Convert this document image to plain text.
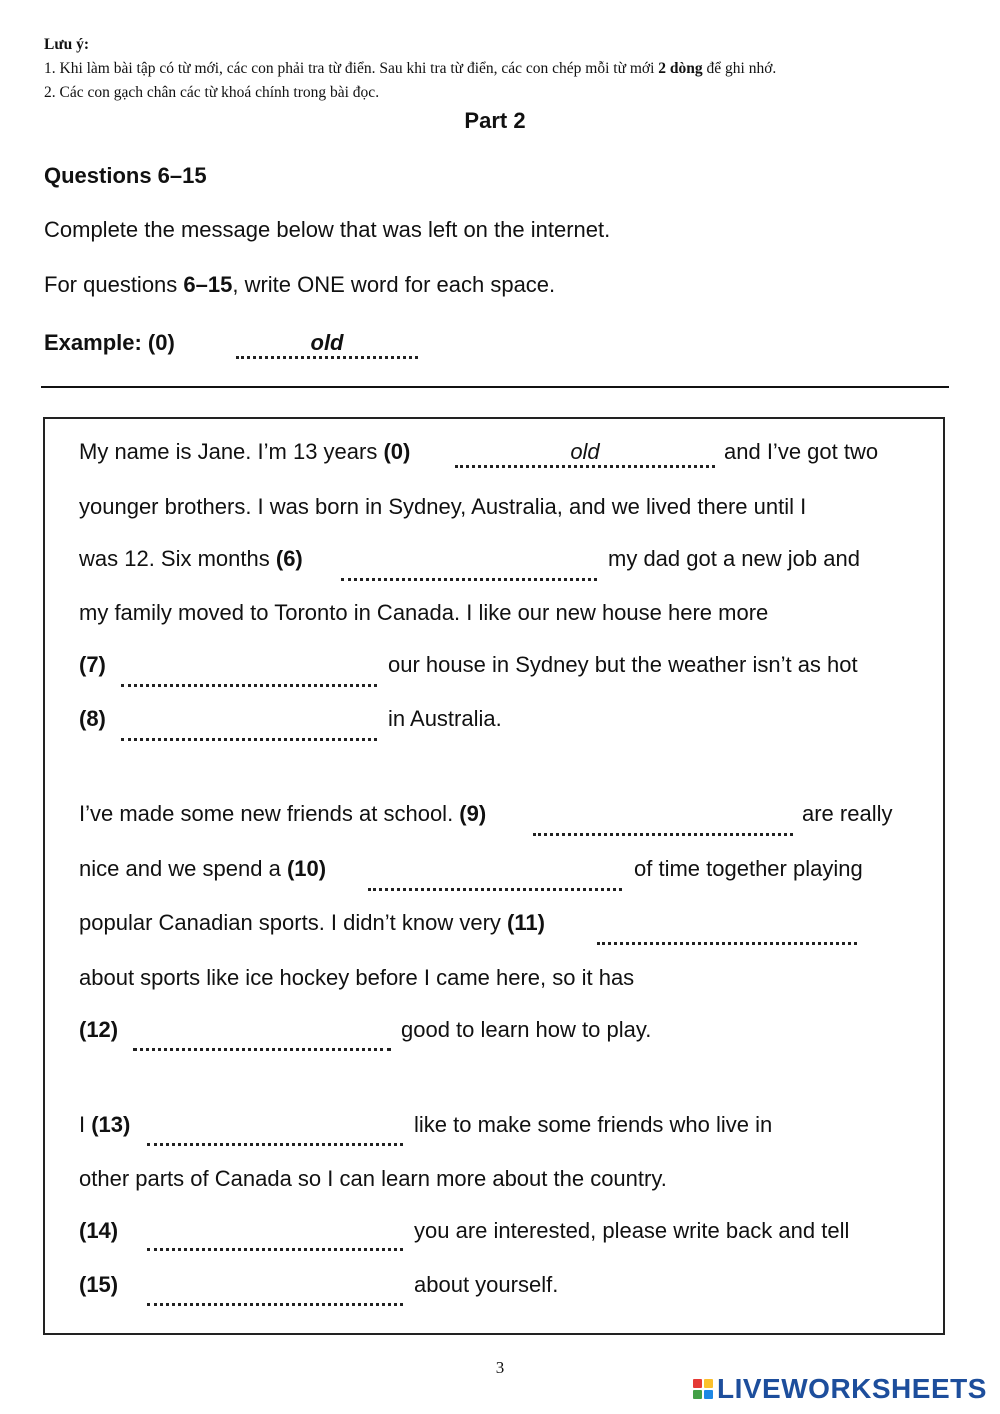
Lưu ý:
1. Khi làm bài tập có từ mới, các con phải tra từ điển. Sau khi tra từ điển, các con chép mỗi từ mới 2 dòng để ghi nhớ.
2. Các con gạch chân các từ khoá chính trong bài đọc.
Part 2
Questions 6–15
Complete the message below that was left on the internet.
For questions 6–15, write ONE word for each space.
Example: (0)	old
My name is Jane. I’m 13 years (0)	old	and I’ve got two
younger brothers. I was born in Sydney, Australia, and we lived there until I
was 12. Six months (6)	my dad got a new job and
my family moved to Toronto in Canada. I like our new house here more
(7)	our house in Sydney but the weather isn’t as hot
(8)	in Australia.
I’ve made some new friends at school. (9)	are really
nice and we spend a (10)	of time together playing
popular Canadian sports. I didn’t know very (11)
about sports like ice hockey before I came here, so it has
(12)	good to learn how to play.
I (13)	like to make some friends who live in
other parts of Canada so I can learn more about the country.
(14)	you are interested, please write back and tell
(15)	about yourself.
3
LIVEWORKSHEETS
